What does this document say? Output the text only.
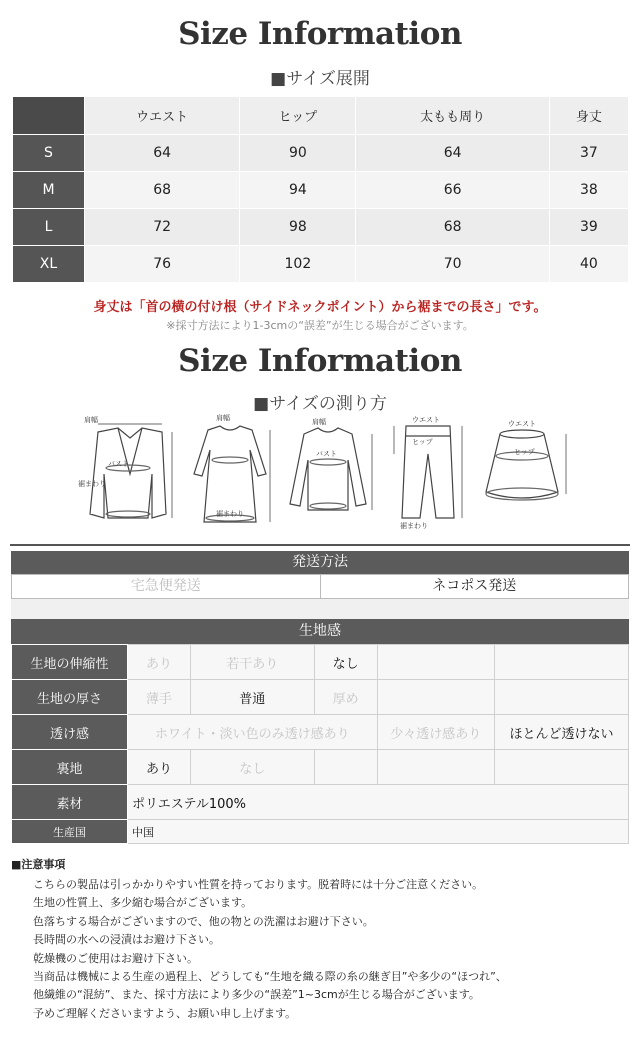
Size Information
■サイズ展開
	ウエスト	ヒップ	太もも周り	身丈
S	64	90	64	37
M	68	94	66	38
L	72	98	68	39
XL	76	102	70	40
身丈は「首の横の付け根（サイドネックポイント）から裾までの長さ」です。
※採寸方法により1-3cmの“誤差”が生じる場合がございます。
Size Information
■サイズの測り方
肩幅
バスト
裾まわり
肩幅
裾まわり
肩幅
バスト
ウエスト
ヒップ
裾まわり
ウエスト
ヒップ
発送方法
宅急便発送	ネコポス発送
生地感
生地の伸縮性	あり	若干あり	なし		
生地の厚さ	薄手	普通	厚め		
透け感	ホワイト・淡い色のみ透け感あり			少々透け感あり	ほとんど透けない
裏地	あり	なし			
素材	ポリエステル100%				
生産国	中国				
■注意事項
こちらの製品は引っかかりやすい性質を持っております。脱着時には十分ご注意ください。
生地の性質上、多少縮む場合がございます。
色落ちする場合がございますので、他の物との洗濯はお避け下さい。
長時間の水への浸漬はお避け下さい。
乾燥機のご使用はお避け下さい。
当商品は機械による生産の過程上、どうしても“生地を織る際の糸の継ぎ目”や多少の“ほつれ”、
他繊維の“混紡”、また、採寸方法により多少の“誤差”1~3cmが生じる場合がございます。
予めご理解くださいますよう、お願い申し上げます。
